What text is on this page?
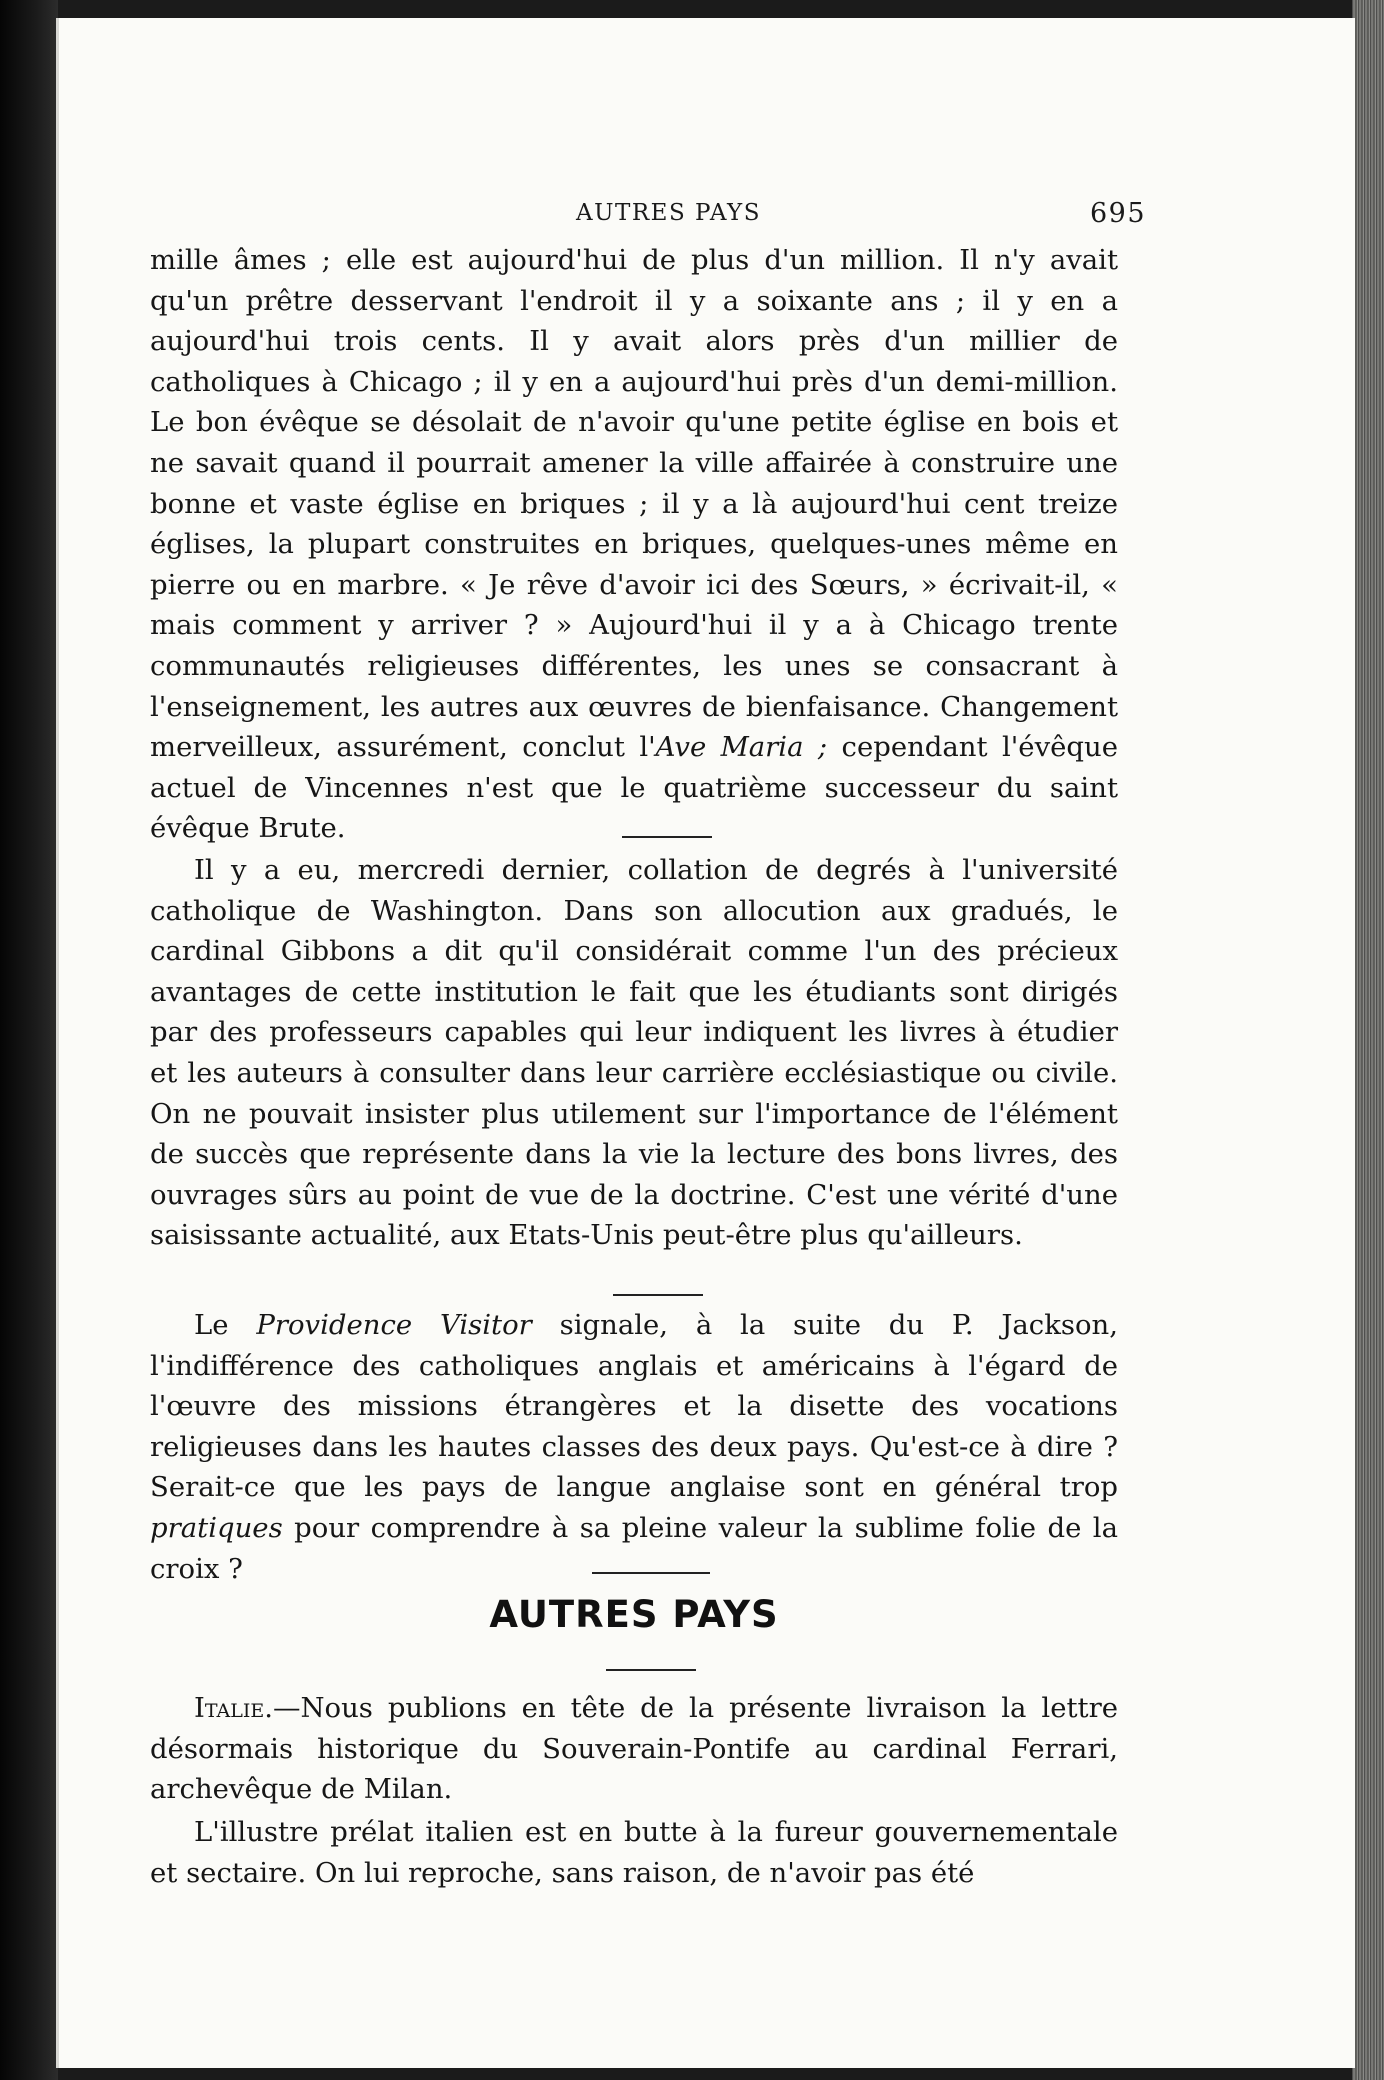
AUTRES PAYS	695

mille âmes ; elle est aujourd'hui de plus d'un million. Il n'y avait qu'un prêtre desservant l'endroit il y a soixante ans ; il y en a aujourd'hui trois cents. Il y avait alors près d'un millier de catholiques à Chicago ; il y en a aujourd'hui près d'un demi-million. Le bon évêque se désolait de n'avoir qu'une petite église en bois et ne savait quand il pourrait amener la ville affairée à construire une bonne et vaste église en briques ; il y a là aujourd'hui cent treize églises, la plupart construites en briques, quelques-unes même en pierre ou en marbre. « Je rêve d'avoir ici des Sœurs, » écrivait-il, « mais comment y arriver ? » Aujourd'hui il y a à Chicago trente communautés religieuses différentes, les unes se consacrant à l'enseignement, les autres aux œuvres de bienfaisance. Changement merveilleux, assurément, conclut l'Ave Maria ; cependant l'évêque actuel de Vincennes n'est que le quatrième successeur du saint évêque Brute.

Il y a eu, mercredi dernier, collation de degrés à l'université catholique de Washington. Dans son allocution aux gradués, le cardinal Gibbons a dit qu'il considérait comme l'un des précieux avantages de cette institution le fait que les étudiants sont dirigés par des professeurs capables qui leur indiquent les livres à étudier et les auteurs à consulter dans leur carrière ecclésiastique ou civile. On ne pouvait insister plus utilement sur l'importance de l'élément de succès que représente dans la vie la lecture des bons livres, des ouvrages sûrs au point de vue de la doctrine. C'est une vérité d'une saisissante actualité, aux Etats-Unis peut-être plus qu'ailleurs.

Le Providence Visitor signale, à la suite du P. Jackson, l'indifférence des catholiques anglais et américains à l'égard de l'œuvre des missions étrangères et la disette des vocations religieuses dans les hautes classes des deux pays. Qu'est-ce à dire ? Serait-ce que les pays de langue anglaise sont en général trop pratiques pour comprendre à sa pleine valeur la sublime folie de la croix ?

AUTRES PAYS

Italie.—Nous publions en tête de la présente livraison la lettre désormais historique du Souverain-Pontife au cardinal Ferrari, archevêque de Milan.

L'illustre prélat italien est en butte à la fureur gouvernementale et sectaire. On lui reproche, sans raison, de n'avoir pas été
